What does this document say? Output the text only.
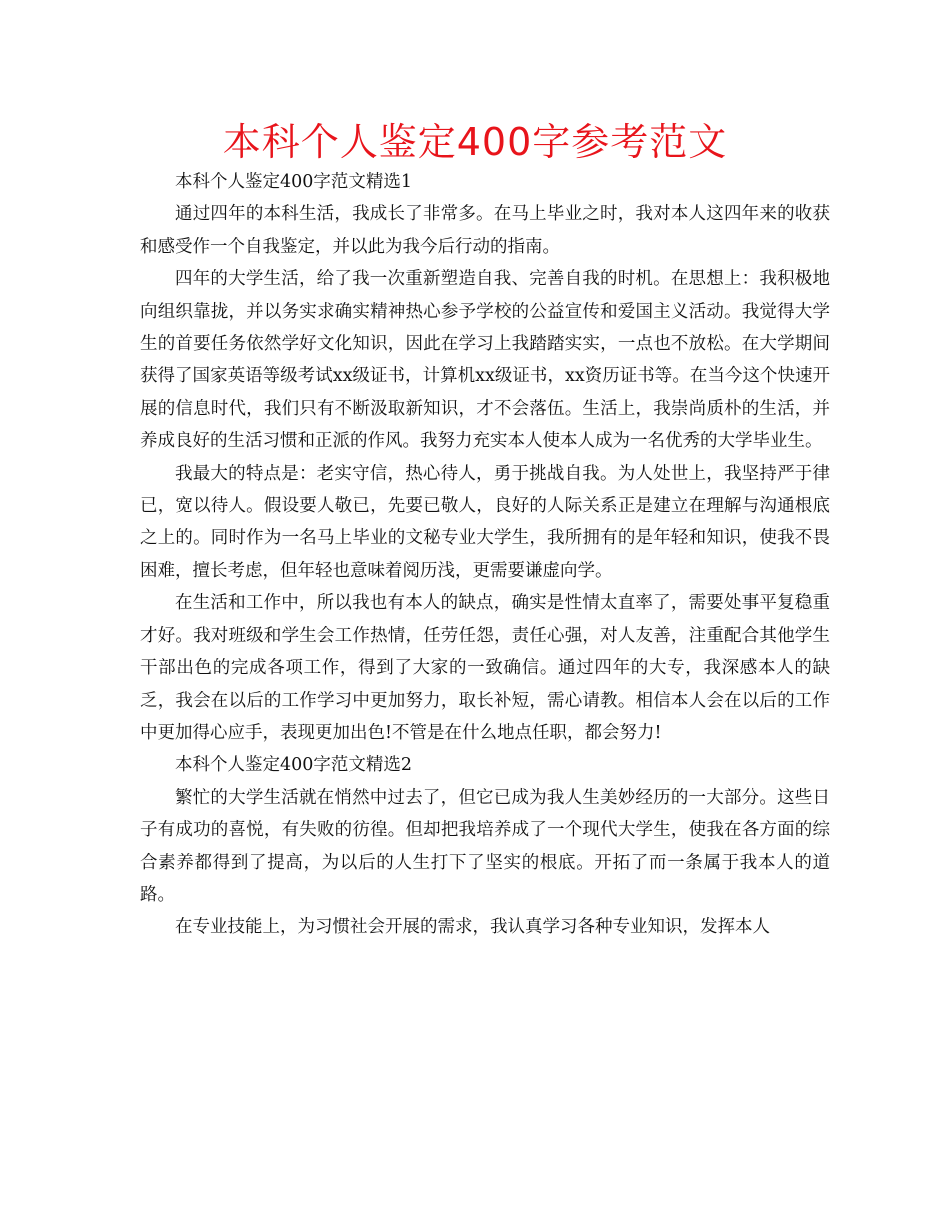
本科个人鉴定400字参考范文

本科个人鉴定400字范文精选1

通过四年的本科生活，我成长了非常多。在马上毕业之时，我对本人这四年来的收获和感受作一个自我鉴定，并以此为我今后行动的指南。

四年的大学生活，给了我一次重新塑造自我、完善自我的时机。在思想上：我积极地向组织靠拢，并以务实求确实精神热心参予学校的公益宣传和爱国主义活动。我觉得大学生的首要任务依然学好文化知识，因此在学习上我踏踏实实，一点也不放松。在大学期间获得了国家英语等级考试xx级证书，计算机xx级证书，xx资历证书等。在当今这个快速开展的信息时代，我们只有不断汲取新知识，才不会落伍。生活上，我崇尚质朴的生活，并养成良好的生活习惯和正派的作风。我努力充实本人使本人成为一名优秀的大学毕业生。

我最大的特点是：老实守信，热心待人，勇于挑战自我。为人处世上，我坚持严于律已，宽以待人。假设要人敬已，先要已敬人，良好的人际关系正是建立在理解与沟通根底之上的。同时作为一名马上毕业的文秘专业大学生，我所拥有的是年轻和知识，使我不畏困难，擅长考虑，但年轻也意味着阅历浅，更需要谦虚向学。

在生活和工作中，所以我也有本人的缺点，确实是性情太直率了，需要处事平复稳重才好。我对班级和学生会工作热情，任劳任怨，责任心强，对人友善，注重配合其他学生干部出色的完成各项工作，得到了大家的一致确信。通过四年的大专，我深感本人的缺乏，我会在以后的工作学习中更加努力，取长补短，需心请教。相信本人会在以后的工作中更加得心应手，表现更加出色!不管是在什么地点任职，都会努力!

本科个人鉴定400字范文精选2

繁忙的大学生活就在悄然中过去了，但它已成为我人生美妙经历的一大部分。这些日子有成功的喜悦，有失败的彷徨。但却把我培养成了一个现代大学生，使我在各方面的综合素养都得到了提高，为以后的人生打下了坚实的根底。开拓了而一条属于我本人的道路。

在专业技能上，为习惯社会开展的需求，我认真学习各种专业知识，发挥本人
